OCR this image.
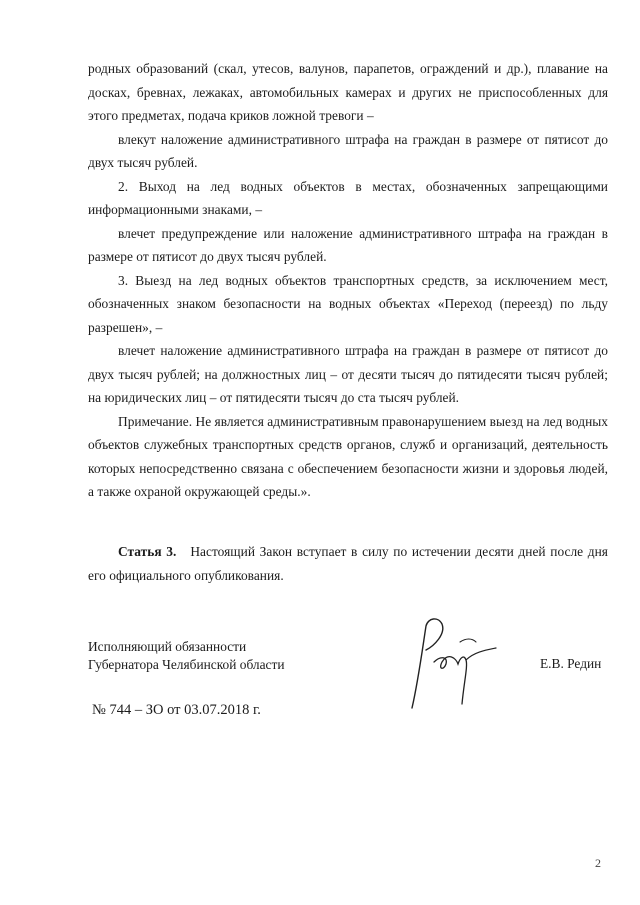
родных образований (скал, утесов, валунов, парапетов, ограждений и др.), плавание на досках, бревнах, лежаках, автомобильных камерах и других не приспособленных для этого предметах, подача криков ложной тревоги –

влекут наложение административного штрафа на граждан в размере от пятисот до двух тысяч рублей.

2. Выход на лед водных объектов в местах, обозначенных запрещающими информационными знаками, –

влечет предупреждение или наложение административного штрафа на граждан в размере от пятисот до двух тысяч рублей.

3. Выезд на лед водных объектов транспортных средств, за исключением мест, обозначенных знаком безопасности на водных объектах «Переход (переезд) по льду разрешен», –

влечет наложение административного штрафа на граждан в размере от пятисот до двух тысяч рублей; на должностных лиц – от десяти тысяч до пятидесяти тысяч рублей; на юридических лиц – от пятидесяти тысяч до ста тысяч рублей.

Примечание. Не является административным правонарушением выезд на лед водных объектов служебных транспортных средств органов, служб и организаций, деятельность которых непосредственно связана с обеспечением безопасности жизни и здоровья людей, а также охраной окружающей среды.».

Статья 3. Настоящий Закон вступает в силу по истечении десяти дней после дня его официального опубликования.

Исполняющий обязанности
Губернатора Челябинской области	Е.В. Редин
№ 744 – ЗО от 03.07.2018 г.
2
